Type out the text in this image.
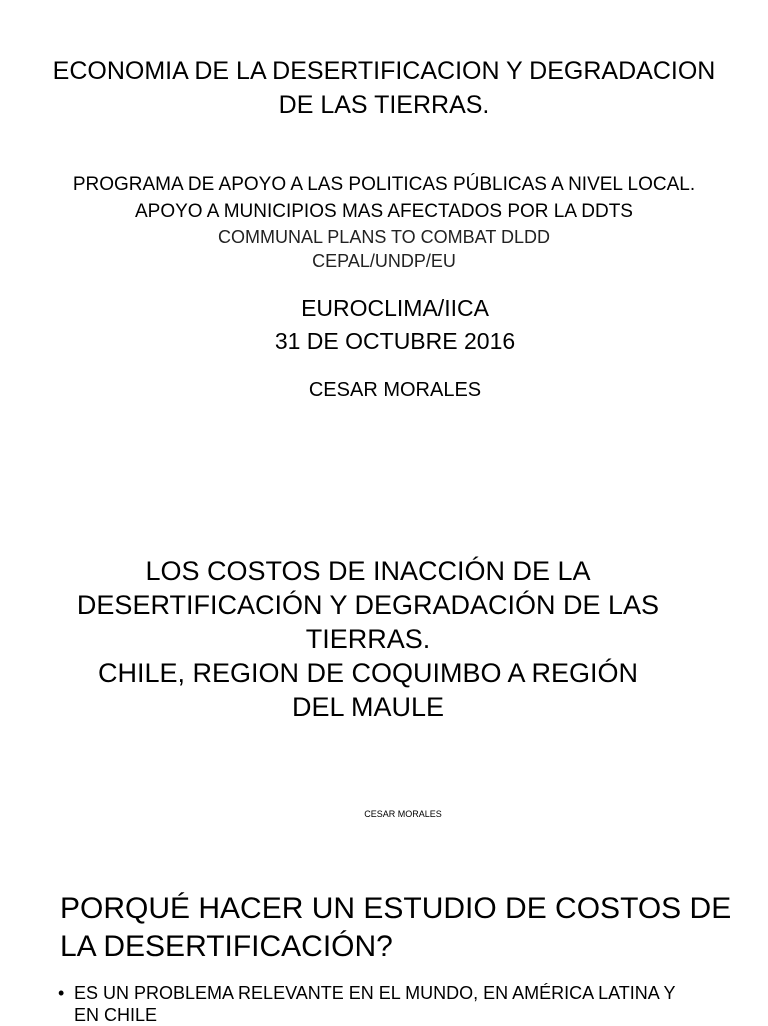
ECONOMIA DE LA DESERTIFICACION Y DEGRADACION
DE LAS TIERRAS.
PROGRAMA DE APOYO A LAS POLITICAS PÚBLICAS A NIVEL LOCAL.
APOYO A MUNICIPIOS MAS AFECTADOS POR LA DDTS
COMMUNAL PLANS TO COMBAT DLDD
CEPAL/UNDP/EU
EUROCLIMA/IICA
31 DE OCTUBRE 2016
CESAR MORALES
LOS COSTOS DE INACCIÓN DE LA
DESERTIFICACIÓN Y DEGRADACIÓN DE LAS
TIERRAS.
CHILE, REGION DE COQUIMBO A REGIÓN
DEL MAULE
CESAR MORALES
PORQUÉ HACER UN ESTUDIO DE COSTOS DE
LA DESERTIFICACIÓN?
• ES UN PROBLEMA RELEVANTE EN EL MUNDO, EN AMÉRICA LATINA Y
EN CHILE
